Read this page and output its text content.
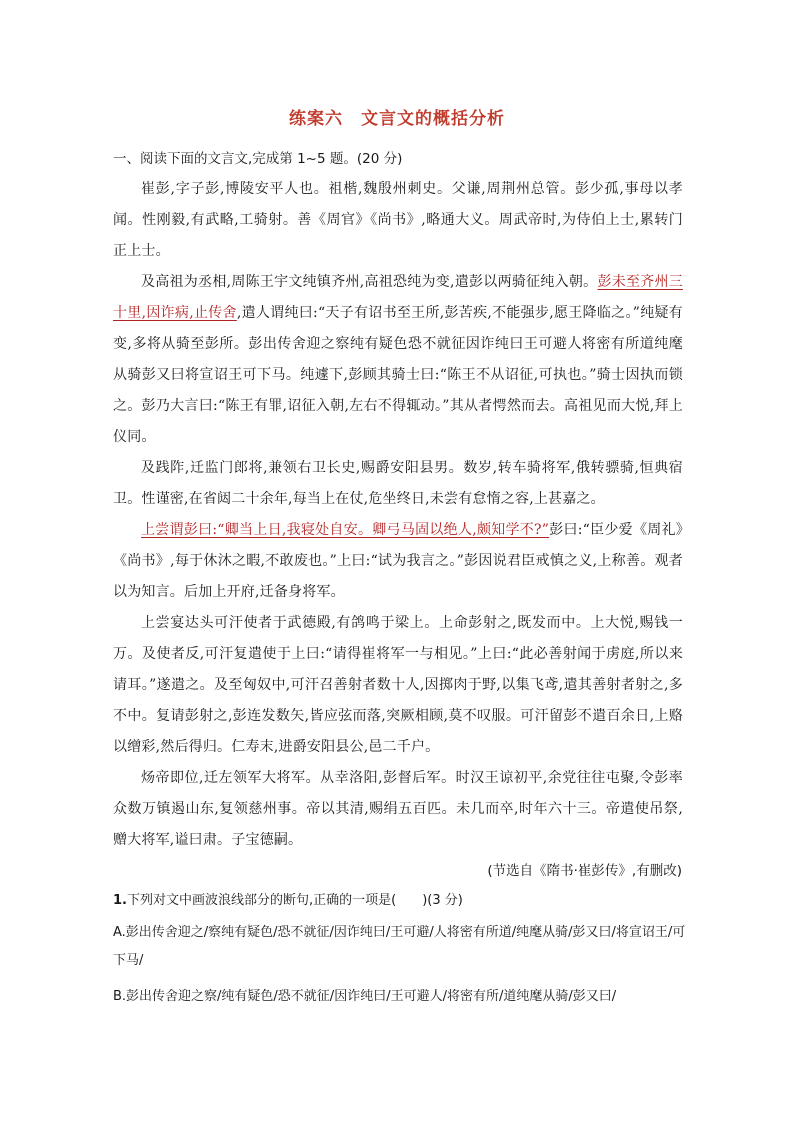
练案六　文言文的概括分析
一、阅读下面的文言文,完成第 1~5 题。(20 分)

崔彭,字子彭,博陵安平人也。祖楷,魏殷州刺史。父谦,周荆州总管。彭少孤,事母以孝闻。性刚毅,有武略,工骑射。善《周官》《尚书》,略通大义。周武帝时,为侍伯上士,累转门正上士。

及高祖为丞相,周陈王宇文纯镇齐州,高祖恐纯为变,遣彭以两骑征纯入朝。彭未至齐州三十里,因诈病,止传舍,遣人谓纯曰:“天子有诏书至王所,彭苦疾,不能强步,愿王降临之。”纯疑有变,多将从骑至彭所。彭出传舍迎之察纯有疑色恐不就征因诈纯曰王可避人将密有所道纯麾从骑彭又曰将宣诏王可下马。纯遽下,彭顾其骑士曰:“陈王不从诏征,可执也。”骑士因执而锁之。彭乃大言曰:“陈王有罪,诏征入朝,左右不得辄动。”其从者愕然而去。高祖见而大悦,拜上仪同。

及践阼,迁监门郎将,兼领右卫长史,赐爵安阳县男。数岁,转车骑将军,俄转骠骑,恒典宿卫。性谨密,在省闼二十余年,每当上在仗,危坐终日,未尝有怠惰之容,上甚嘉之。

上尝谓彭曰:“卿当上日,我寝处自安。卿弓马固以绝人,颇知学不?”彭曰:“臣少爱《周礼》《尚书》,每于休沐之暇,不敢废也。”上曰:“试为我言之。”彭因说君臣戒慎之义,上称善。观者以为知言。后加上开府,迁备身将军。

上尝宴达头可汗使者于武德殿,有鸽鸣于梁上。上命彭射之,既发而中。上大悦,赐钱一万。及使者反,可汗复遣使于上曰:“请得崔将军一与相见。”上曰:“此必善射闻于虏庭,所以来请耳。”遂遣之。及至匈奴中,可汗召善射者数十人,因掷肉于野,以集飞鸢,遣其善射者射之,多不中。复请彭射之,彭连发数矢,皆应弦而落,突厥相顾,莫不叹服。可汗留彭不遣百余日,上赂以缯彩,然后得归。仁寿末,进爵安阳县公,邑二千户。

炀帝即位,迁左领军大将军。从幸洛阳,彭督后军。时汉王谅初平,余党往往屯聚,令彭率众数万镇遏山东,复领慈州事。帝以其清,赐绢五百匹。未几而卒,时年六十三。帝遣使吊祭,赠大将军,谥曰肃。子宝德嗣。

(节选自《隋书·崔彭传》,有删改)
1.下列对文中画波浪线部分的断句,正确的一项是(　　)(3 分)
A.彭出传舍迎之/察纯有疑色/恐不就征/因诈纯曰/王可避/人将密有所道/纯麾从骑/彭又曰/将宣诏王/可下马/
B.彭出传舍迎之察/纯有疑色/恐不就征/因诈纯曰/王可避人/将密有所/道纯麾从骑/彭又曰/
